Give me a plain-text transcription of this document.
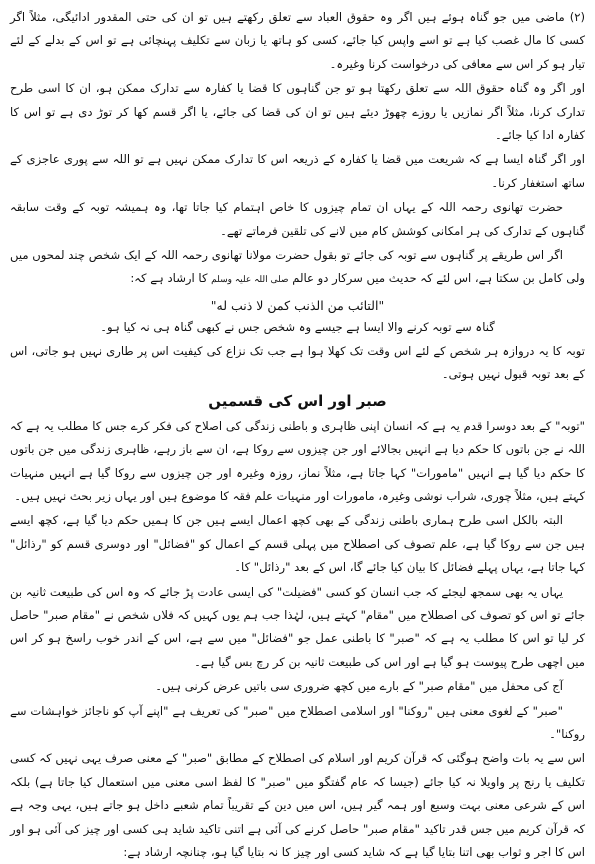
(۲) ماضی میں جو گناہ ہوئے ہیں اگر وہ حقوق العباد سے تعلق رکھتے ہیں تو ان کی حتی المقدور ادائیگی، مثلاً اگر کسی کا مال غصب کیا ہے تو اسے واپس کیا جائے، کسی کو ہاتھ یا زبان سے تکلیف پہنچائی ہے تو اس کے بدلے کے لئے تیار ہو کر اس سے معافی کی درخواست کرنا وغیرہ۔

اور اگر وہ گناہ حقوق اللہ سے تعلق رکھتا ہو تو جن گناہوں کا قضا یا کفارہ سے تدارک ممکن ہو، ان کا اسی طرح تدارک کرنا، مثلاً اگر نمازیں یا روزے چھوڑ دیئے ہیں تو ان کی قضا کی جائے، یا اگر قسم کھا کر توڑ دی ہے تو اس کا کفارہ ادا کیا جائے۔

اور اگر گناہ ایسا ہے کہ شریعت میں قضا یا کفارہ کے ذریعہ اس کا تدارک ممکن نہیں ہے تو اللہ سے پوری عاجزی کے ساتھ استغفار کرنا۔

حضرت تھانوی رحمہ اللہ کے یہاں ان تمام چیزوں کا خاص اہتمام کیا جاتا تھا، وہ ہمیشہ توبہ کے وقت سابقہ گناہوں کے تدارک کی ہر امکانی کوشش کام میں لانے کی تلقین فرماتے تھے۔

اگر اس طریقے پر گناہوں سے توبہ کی جائے تو بقول حضرت مولانا تھانوی رحمہ اللہ کے ایک شخص چند لمحوں میں ولی کامل بن سکتا ہے، اس لئے کہ حدیث میں سرکار دو عالم صلی اللہ علیہ وسلم کا ارشاد ہے کہ:

"التائب من الذنب کمن لا ذنب له"

گناہ سے توبہ کرنے والا ایسا ہے جیسے وہ شخص جس نے کبھی گناہ ہی نہ کیا ہو۔

توبہ کا یہ دروازہ ہر شخص کے لئے اس وقت تک کھلا ہوا ہے جب تک نزاع کی کیفیت اس پر طاری نہیں ہو جاتی، اس کے بعد توبہ قبول نہیں ہوتی۔

صبر اور اس کی قسمیں

"توبہ" کے بعد دوسرا قدم یہ ہے کہ انسان اپنی ظاہری و باطنی زندگی کی اصلاح کی فکر کرے جس کا مطلب یہ ہے کہ اللہ نے جن باتوں کا حکم دیا ہے انہیں بجالائے اور جن چیزوں سے روکا ہے، ان سے باز رہے، ظاہری زندگی میں جن باتوں کا حکم دیا گیا ہے انہیں "مامورات" کہا جاتا ہے، مثلاً نماز، روزہ وغیرہ اور جن چیزوں سے روکا گیا ہے انہیں منہیات کہتے ہیں، مثلاً چوری، شراب نوشی وغیرہ، مامورات اور منہیات علم فقہ کا موضوع ہیں اور یہاں زیر بحث نہیں ہیں۔

البتہ بالکل اسی طرح ہماری باطنی زندگی کے بھی کچھ اعمال ایسے ہیں جن کا ہمیں حکم دیا گیا ہے، کچھ ایسے ہیں جن سے روکا گیا ہے، علم تصوف کی اصطلاح میں پہلی قسم کے اعمال کو "فضائل" اور دوسری قسم کو "رذائل" کہا جاتا ہے، یہاں پہلے فضائل کا بیان کیا جائے گا، اس کے بعد "رذائل" کا۔

یہاں یہ بھی سمجھ لیجئے کہ جب انسان کو کسی "فضیلت" کی ایسی عادت پڑ جائے کہ وہ اس کی طبیعت ثانیہ بن جائے تو اس کو تصوف کی اصطلاح میں "مقام" کہتے ہیں، لہٰذا جب ہم یوں کہیں کہ فلاں شخص نے "مقام صبر" حاصل کر لیا تو اس کا مطلب یہ ہے کہ "صبر" کا باطنی عمل جو "فضائل" میں سے ہے، اس کے اندر خوب راسخ ہو کر اس میں اچھی طرح پیوست ہو گیا ہے اور اس کی طبیعت ثانیہ بن کر رچ بس گیا ہے۔

آج کی محفل میں "مقام صبر" کے بارے میں کچھ ضروری سی باتیں عرض کرنی ہیں۔

"صبر" کے لغوی معنی ہیں "روکنا" اور اسلامی اصطلاح میں "صبر" کی تعریف ہے "اپنے آپ کو ناجائز خواہشات سے روکنا"۔

اس سے یہ بات واضح ہوگئی کہ قرآن کریم اور اسلام کی اصطلاح کے مطابق "صبر" کے معنی صرف یہی نہیں کہ کسی تکلیف یا رنج پر واویلا نہ کیا جائے (جیسا کہ عام گفتگو میں "صبر" کا لفظ اسی معنی میں استعمال کیا جاتا ہے) بلکہ اس کے شرعی معنی بہت وسیع اور ہمہ گیر ہیں، اس میں دین کے تقریباً تمام شعبے داخل ہو جاتے ہیں، یہی وجہ ہے کہ قرآن کریم میں جس قدر تاکید "مقام صبر" حاصل کرنے کی آئی ہے اتنی تاکید شاید ہی کسی اور چیز کی آئی ہو اور اس کا اجر و ثواب بھی اتنا بتایا گیا ہے کہ شاید کسی اور چیز کا نہ بتایا گیا ہو، چنانچہ ارشاد ہے:
